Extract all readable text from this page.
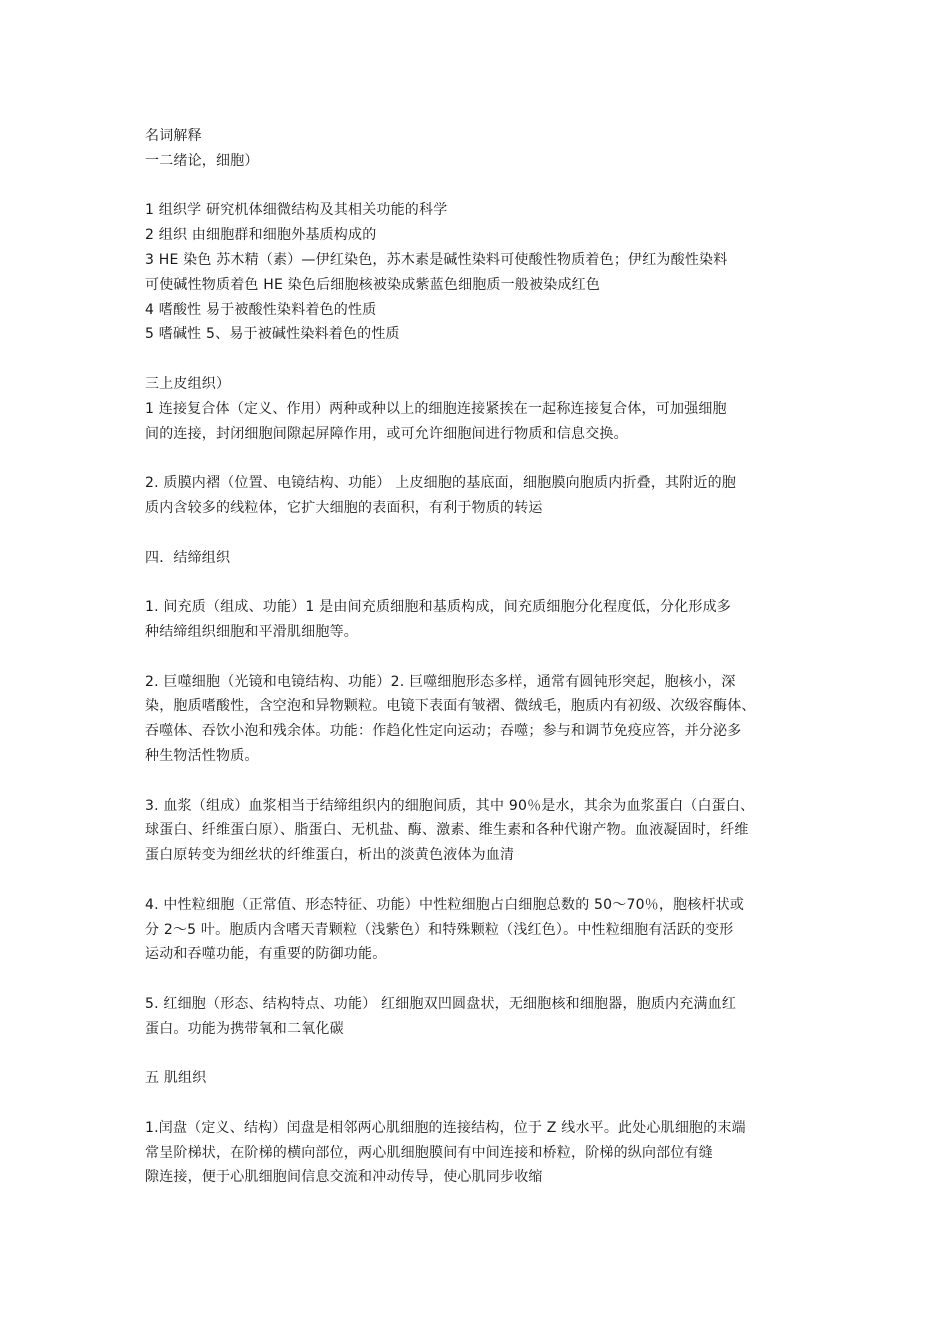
名词解释
一二绪论，细胞）
1 组织学 研究机体细微结构及其相关功能的科学
2 组织 由细胞群和细胞外基质构成的
3 HE 染色 苏木精（素）—伊红染色，苏木素是碱性染料可使酸性物质着色；伊红为酸性染料
可使碱性物质着色 HE 染色后细胞核被染成紫蓝色细胞质一般被染成红色
4 嗜酸性 易于被酸性染料着色的性质
5 嗜碱性 5、易于被碱性染料着色的性质
三上皮组织）
1 连接复合体（定义、作用）两种或种以上的细胞连接紧挨在一起称连接复合体，可加强细胞
间的连接，封闭细胞间隙起屏障作用，或可允许细胞间进行物质和信息交换。
2. 质膜内褶（位置、电镜结构、功能） 上皮细胞的基底面，细胞膜向胞质内折叠，其附近的胞
质内含较多的线粒体，它扩大细胞的表面积，有利于物质的转运
四．结缔组织
1. 间充质（组成、功能）1 是由间充质细胞和基质构成，间充质细胞分化程度低，分化形成多
种结缔组织细胞和平滑肌细胞等。
2. 巨噬细胞（光镜和电镜结构、功能）2. 巨噬细胞形态多样，通常有圆钝形突起，胞核小，深
染，胞质嗜酸性，含空泡和异物颗粒。电镜下表面有皱褶、微绒毛，胞质内有初级、次级容酶体、
吞噬体、吞饮小泡和残余体。功能：作趋化性定向运动；吞噬；参与和调节免疫应答，并分泌多
种生物活性物质。
3. 血浆（组成）血浆相当于结缔组织内的细胞间质，其中 90％是水，其余为血浆蛋白（白蛋白、
球蛋白、纤维蛋白原）、脂蛋白、无机盐、酶、激素、维生素和各种代谢产物。血液凝固时，纤维
蛋白原转变为细丝状的纤维蛋白，析出的淡黄色液体为血清
4. 中性粒细胞（正常值、形态特征、功能）中性粒细胞占白细胞总数的 50～70％，胞核杆状或
分 2～5 叶。胞质内含嗜天青颗粒（浅紫色）和特殊颗粒（浅红色）。中性粒细胞有活跃的变形
运动和吞噬功能，有重要的防御功能。
5. 红细胞（形态、结构特点、功能） 红细胞双凹圆盘状，无细胞核和细胞器，胞质内充满血红
蛋白。功能为携带氧和二氧化碳
五 肌组织
1.闰盘（定义、结构）闰盘是相邻两心肌细胞的连接结构，位于 Z 线水平。此处心肌细胞的末端
常呈阶梯状，在阶梯的横向部位，两心肌细胞膜间有中间连接和桥粒，阶梯的纵向部位有缝
隙连接，便于心肌细胞间信息交流和冲动传导，使心肌同步收缩
